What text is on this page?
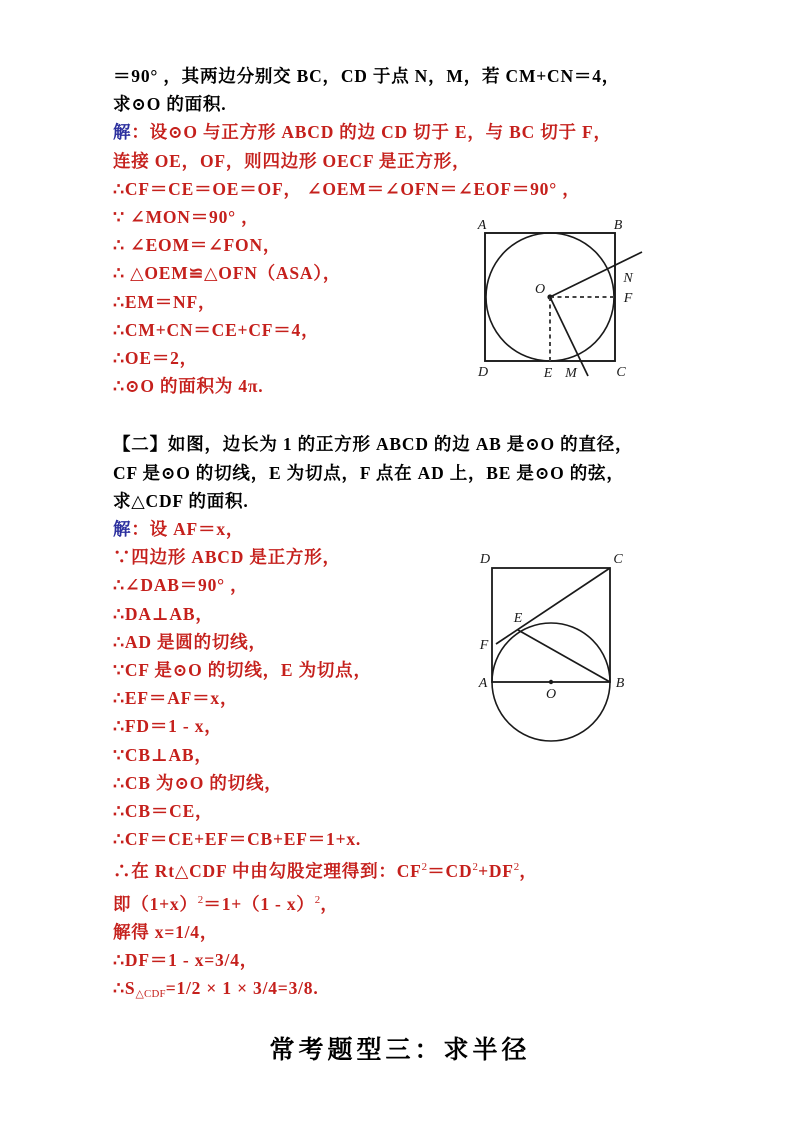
＝90° ，其两边分别交 BC，CD 于点 N，M，若 CM+CN＝4，
求⊙O 的面积.
解：设⊙O 与正方形 ABCD 的边 CD 切于 E，与 BC 切于 F，
连接 OE，OF，则四边形 OECF 是正方形，
∴CF＝CE＝OE＝OF， ∠OEM＝∠OFN＝∠EOF＝90° ，
∵ ∠MON＝90° ，
∴ ∠EOM＝∠FON，
∴ △OEM≌△OFN（ASA），
∴EM＝NF，
∴CM+CN＝CE+CF＝4，
∴OE＝2，
∴⊙O 的面积为 4π.
【二】如图，边长为 1 的正方形 ABCD 的边 AB 是⊙O 的直径，
CF 是⊙O 的切线，E 为切点，F 点在 AD 上，BE 是⊙O 的弦，
求△CDF 的面积.
解：设 AF＝x，
∵四边形 ABCD 是正方形，
∴∠DAB＝90° ，
∴DA⊥AB，
∴AD 是圆的切线，
∵CF 是⊙O 的切线，E 为切点，
∴EF＝AF＝x，
∴FD＝1 - x，
∵CB⊥AB，
∴CB 为⊙O 的切线，
∴CB＝CE，
∴CF＝CE+EF＝CB+EF＝1+x.
∴在 Rt△CDF 中由勾股定理得到：$CF^2=CD^2+DF^2$，
即$(1+x)^2=1+(1 - x)^2$，
解得 x=1/4，
∴DF＝1 - x=3/4，
$\therefore S_{\triangle CDF}=1/2 \times 1 \times 3/4=3/8$.
A	B
C
D
O
N
F
E M
D	C
A	B
E
F
O
常考题型三：求半径
